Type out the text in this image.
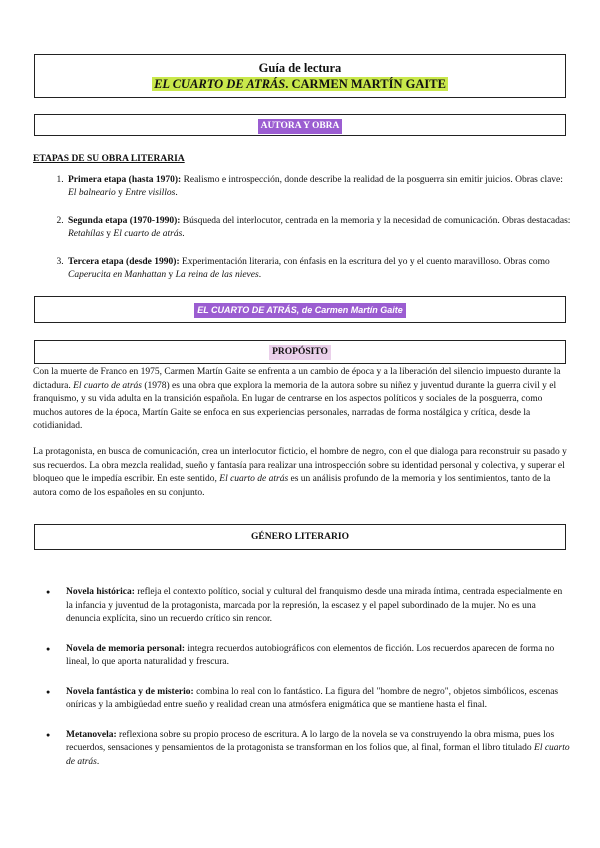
Guía de lectura
EL CUARTO DE ATRÁS. CARMEN MARTÍN GAITE
AUTORA Y OBRA
ETAPAS DE SU OBRA LITERARIA
1. Primera etapa (hasta 1970): Realismo e introspección, donde describe la realidad de la posguerra sin emitir juicios. Obras clave: El balneario y Entre visillos.
2. Segunda etapa (1970-1990): Búsqueda del interlocutor, centrada en la memoria y la necesidad de comunicación. Obras destacadas: Retahílas y El cuarto de atrás.
3. Tercera etapa (desde 1990): Experimentación literaria, con énfasis en la escritura del yo y el cuento maravilloso. Obras como Caperucita en Manhattan y La reina de las nieves.
EL CUARTO DE ATRÁS, de Carmen Martín Gaite
PROPÓSITO

Con la muerte de Franco en 1975, Carmen Martín Gaite se enfrenta a un cambio de época y a la liberación del silencio impuesto durante la dictadura. El cuarto de atrás (1978) es una obra que explora la memoria de la autora sobre su niñez y juventud durante la guerra civil y el franquismo, y su vida adulta en la transición española. En lugar de centrarse en los aspectos políticos y sociales de la posguerra, como muchos autores de la época, Martín Gaite se enfoca en sus experiencias personales, narradas de forma nostálgica y crítica, desde la cotidianidad.

La protagonista, en busca de comunicación, crea un interlocutor ficticio, el hombre de negro, con el que dialoga para reconstruir su pasado y sus recuerdos. La obra mezcla realidad, sueño y fantasía para realizar una introspección sobre su identidad personal y colectiva, y superar el bloqueo que le impedía escribir. En este sentido, El cuarto de atrás es un análisis profundo de la memoria y los sentimientos, tanto de la autora como de los españoles en su conjunto.

GÉNERO LITERARIO
● Novela histórica: refleja el contexto político, social y cultural del franquismo desde una mirada íntima, centrada especialmente en la infancia y juventud de la protagonista, marcada por la represión, la escasez y el papel subordinado de la mujer. No es una denuncia explícita, sino un recuerdo crítico sin rencor.
● Novela de memoria personal: integra recuerdos autobiográficos con elementos de ficción. Los recuerdos aparecen de forma no lineal, lo que aporta naturalidad y frescura.
● Novela fantástica y de misterio: combina lo real con lo fantástico. La figura del "hombre de negro", objetos simbólicos, escenas oníricas y la ambigüedad entre sueño y realidad crean una atmósfera enigmática que se mantiene hasta el final.
● Metanovela: reflexiona sobre su propio proceso de escritura. A lo largo de la novela se va construyendo la obra misma, pues los recuerdos, sensaciones y pensamientos de la protagonista se transforman en los folios que, al final, forman el libro titulado El cuarto de atrás.
